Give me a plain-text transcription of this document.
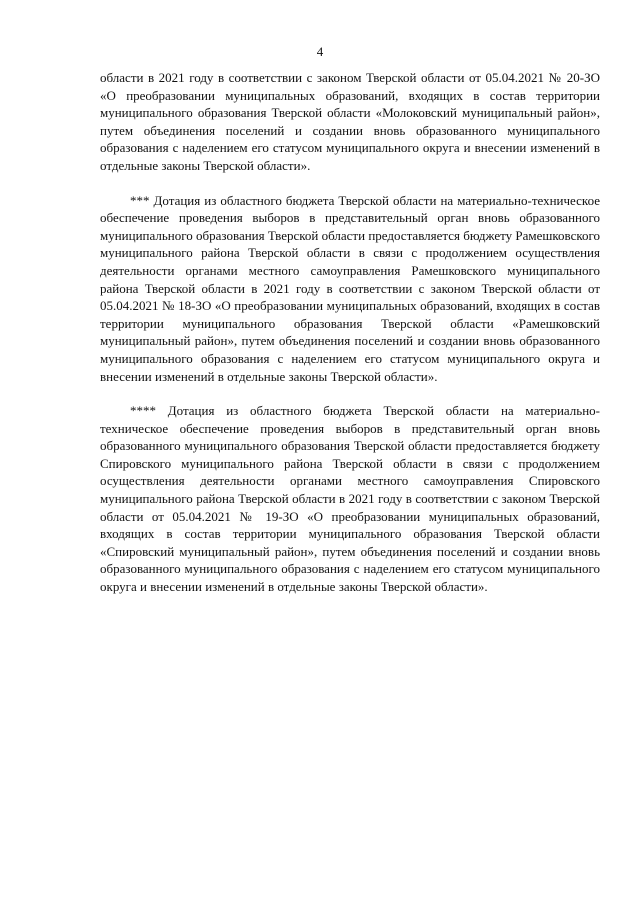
4

области в 2021 году в соответствии с законом Тверской области от 05.04.2021 № 20-ЗО «О преобразовании муниципальных образований, входящих в состав территории муниципального образования Тверской области «Молоковский муниципальный район», путем объединения поселений и создании вновь образованного муниципального образования с наделением его статусом муниципального округа и внесении изменений в отдельные законы Тверской области».

*** Дотация из областного бюджета Тверской области на материально-техническое обеспечение проведения выборов в представительный орган вновь образованного муниципального образования Тверской области предоставляется бюджету Рамешковского муниципального района Тверской области в связи с продолжением осуществления деятельности органами местного самоуправления Рамешковского муниципального района Тверской области в 2021 году в соответствии с законом Тверской области от 05.04.2021 № 18-ЗО «О преобразовании муниципальных образований, входящих в состав территории муниципального образования Тверской области «Рамешковский муниципальный район», путем объединения поселений и создании вновь образованного муниципального образования с наделением его статусом муниципального округа и внесении изменений в отдельные законы Тверской области».

**** Дотация из областного бюджета Тверской области на материально-техническое обеспечение проведения выборов в представительный орган вновь образованного муниципального образования Тверской области предоставляется бюджету Спировского муниципального района Тверской области в связи с продолжением осуществления деятельности органами местного самоуправления Спировского муниципального района Тверской области в 2021 году в соответствии с законом Тверской области от 05.04.2021 № 19-ЗО «О преобразовании муниципальных образований, входящих в состав территории муниципального образования Тверской области «Спировский муниципальный район», путем объединения поселений и создании вновь образованного муниципального образования с наделением его статусом муниципального округа и внесении изменений в отдельные законы Тверской области».
